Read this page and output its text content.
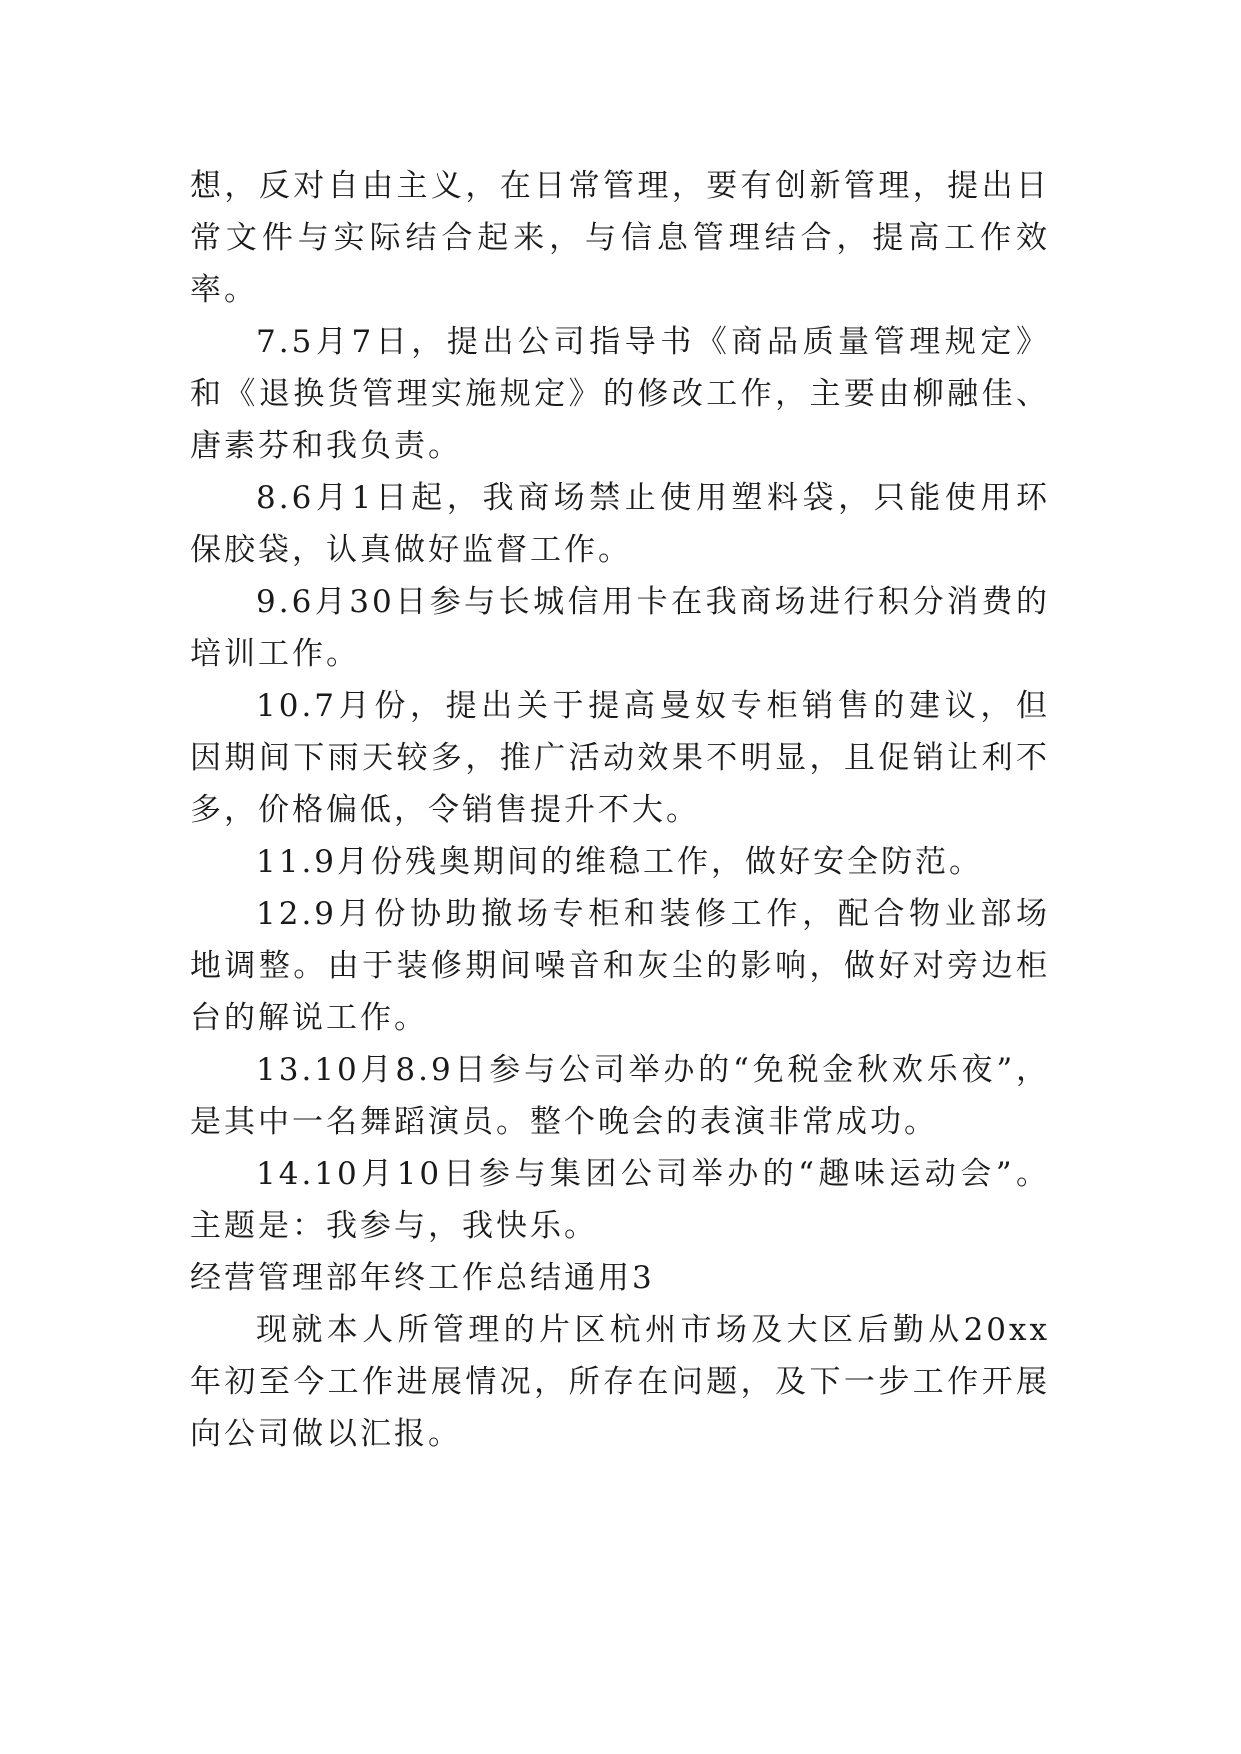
想，反对自由主义，在日常管理，要有创新管理，提出日常文件与实际结合起来，与信息管理结合，提高工作效率。

7.5月7日，提出公司指导书《商品质量管理规定》和《退换货管理实施规定》的修改工作，主要由柳融佳、唐素芬和我负责。

8.6月1日起，我商场禁止使用塑料袋，只能使用环保胶袋，认真做好监督工作。

9.6月30日参与长城信用卡在我商场进行积分消费的培训工作。

10.7月份，提出关于提高曼奴专柜销售的建议，但因期间下雨天较多，推广活动效果不明显，且促销让利不多，价格偏低，令销售提升不大。

11.9月份残奥期间的维稳工作，做好安全防范。

12.9月份协助撤场专柜和装修工作，配合物业部场地调整。由于装修期间噪音和灰尘的影响，做好对旁边柜台的解说工作。

13.10月8.9日参与公司举办的“免税金秋欢乐夜”，是其中一名舞蹈演员。整个晚会的表演非常成功。

14.10月10日参与集团公司举办的“趣味运动会”。主题是：我参与，我快乐。

经营管理部年终工作总结通用3

现就本人所管理的片区杭州市场及大区后勤从20xx年初至今工作进展情况，所存在问题，及下一步工作开展向公司做以汇报。
